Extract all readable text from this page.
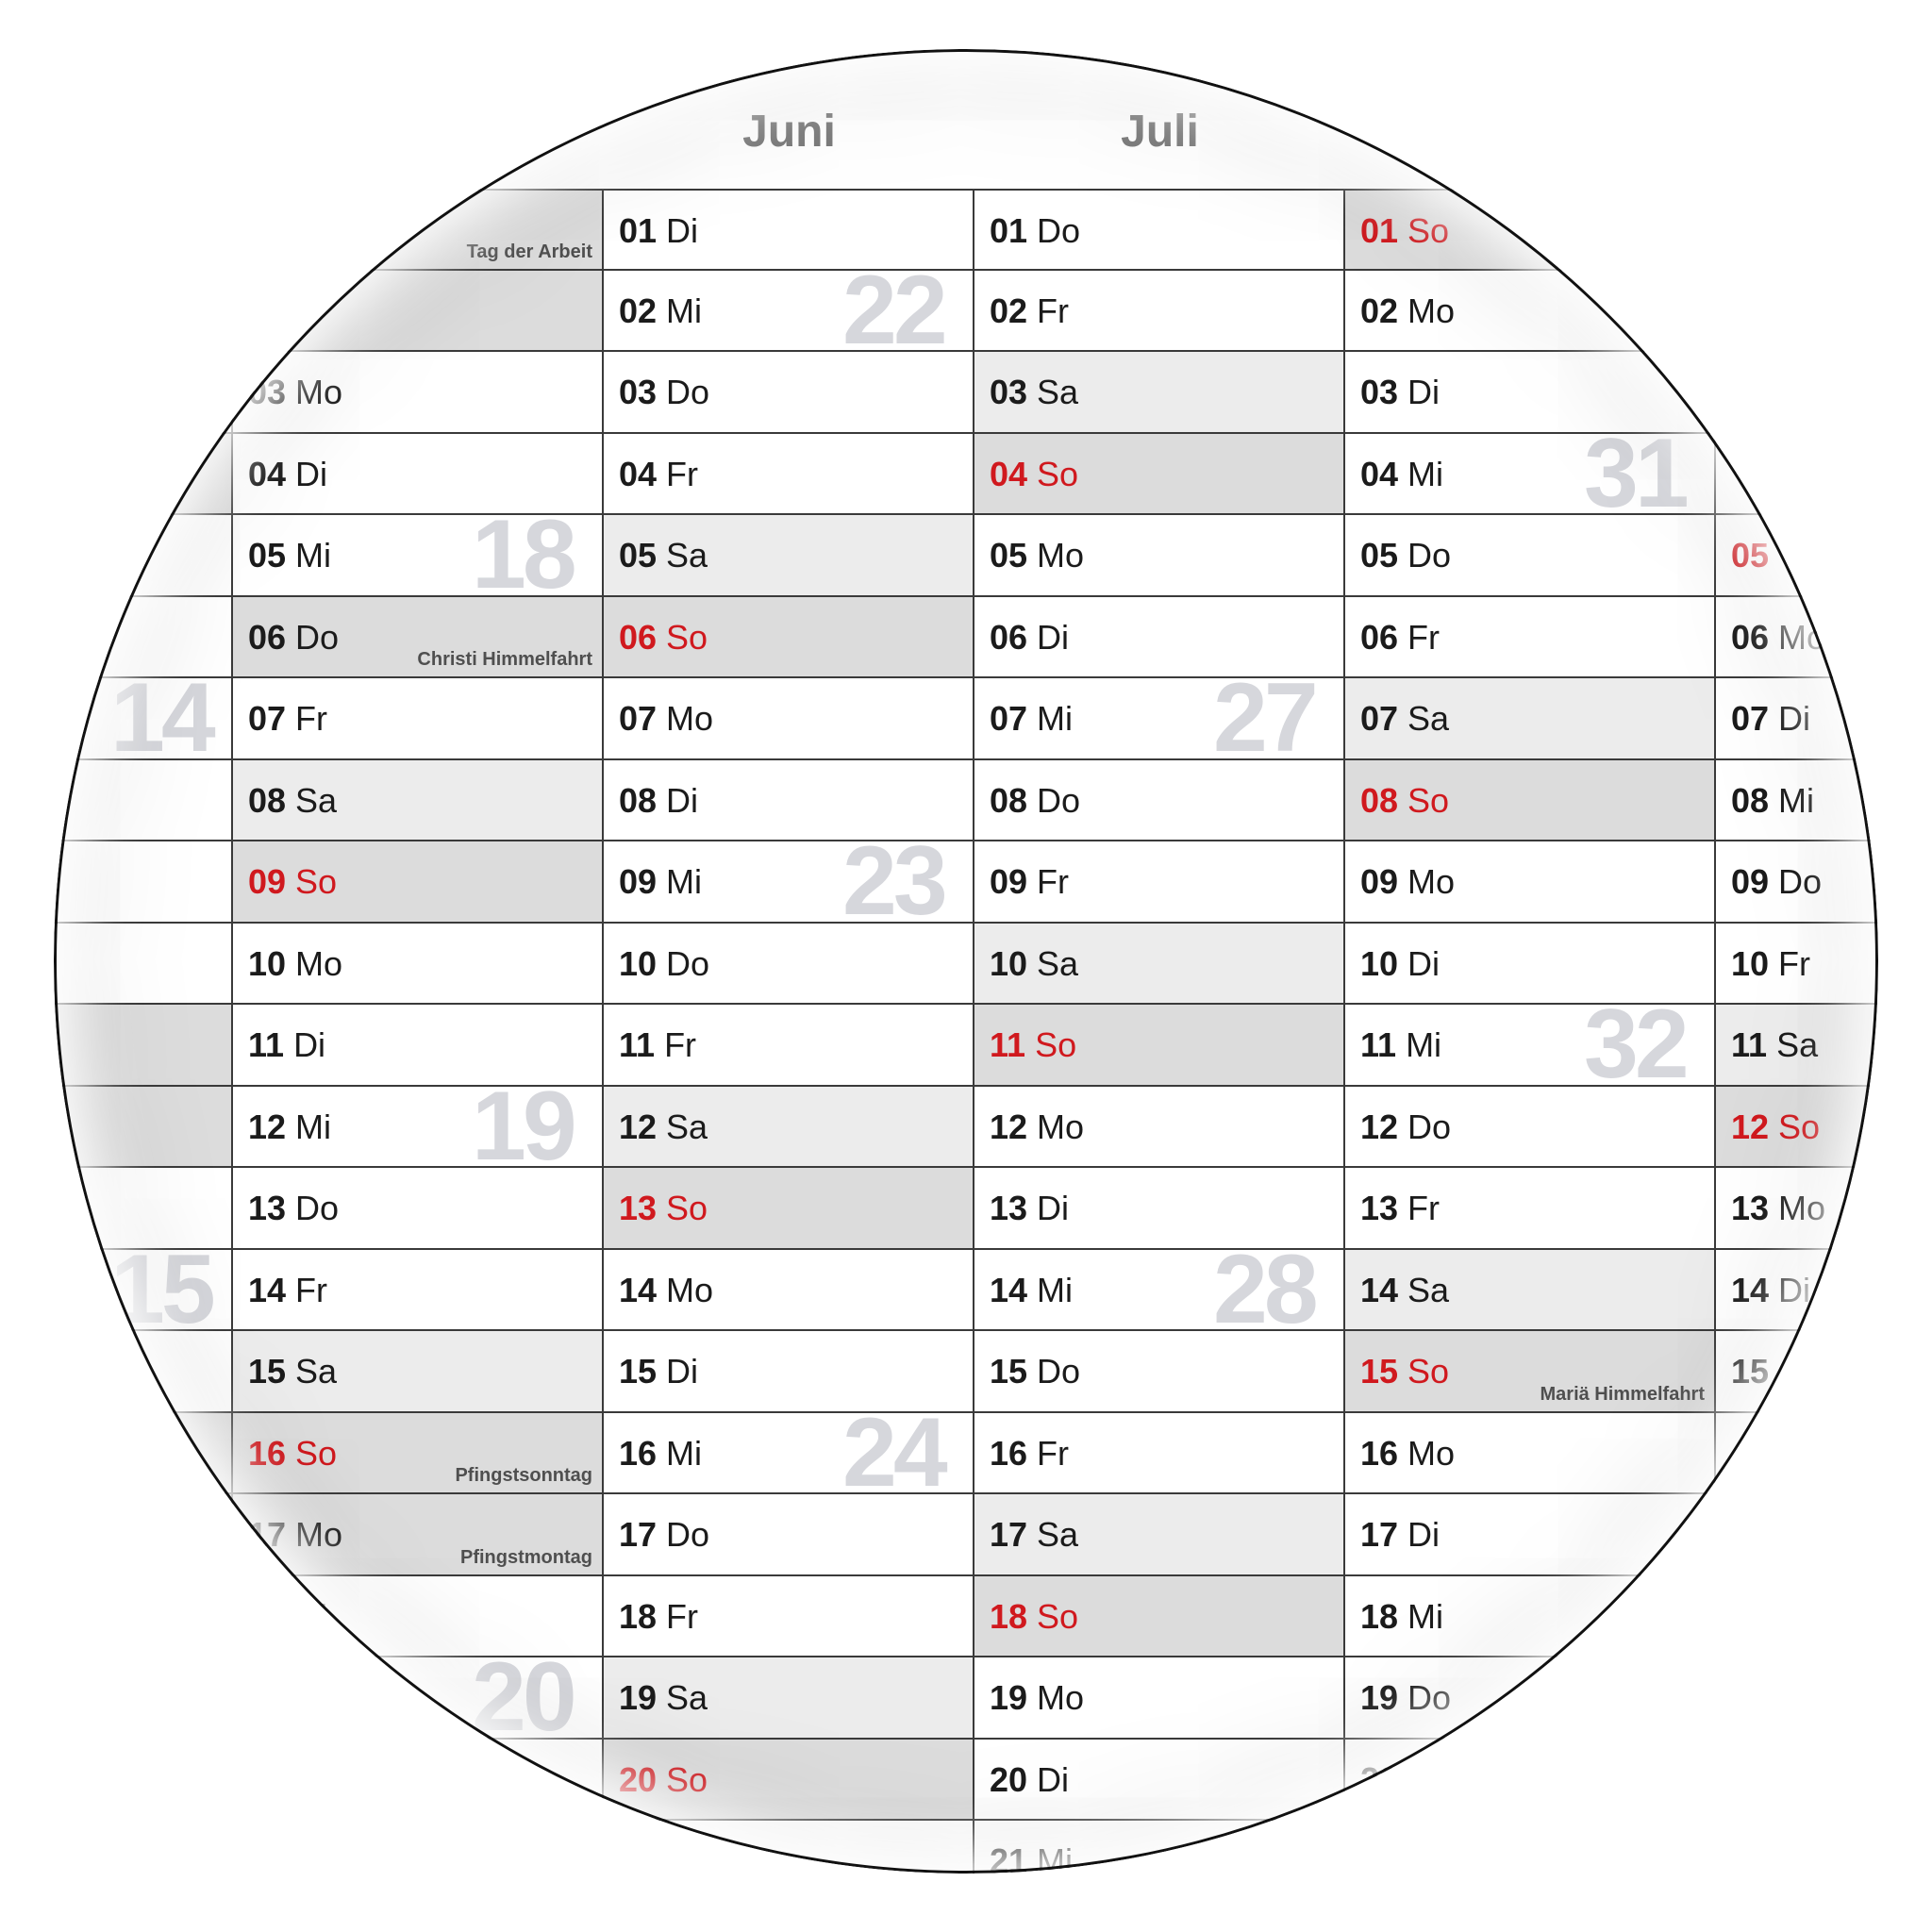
14
15
Tag der Arbeit
03 Mo
04 Di
05 Mi
06 Do
Christi Himmelfahrt
07 Fr
08 Sa
09 So
10 Mo
11 Di
12 Mi
13 Do
14 Fr
15 Sa
16 So
Pfingstsonntag
17 Mo
Pfingstmontag
18 Di
18
19
20
Juni
01 Di
02 Mi
03 Do
04 Fr
05 Sa
06 So
07 Mo
08 Di
09 Mi
10 Do
11 Fr
12 Sa
13 So
14 Mo
15 Di
16 Mi
17 Do
18 Fr
19 Sa
20 So
22
23
24
Juli
01 Do
02 Fr
03 Sa
04 So
05 Mo
06 Di
07 Mi
08 Do
09 Fr
10 Sa
11 So
12 Mo
13 Di
14 Mi
15 Do
16 Fr
17 Sa
18 So
19 Mo
20 Di
21 Mi
27
28
01 So
02 Mo
03 Di
04 Mi
05 Do
06 Fr
07 Sa
08 So
09 Mo
10 Di
11 Mi
12 Do
13 Fr
14 Sa
15 So
Mariä Himmelfahrt
16 Mo
17 Di
18 Mi
19 Do
20
31
32
05
06 Mo
07 Di
08 Mi
09 Do
10 Fr
11 Sa
12 So
13 Mo
14 Di
15
